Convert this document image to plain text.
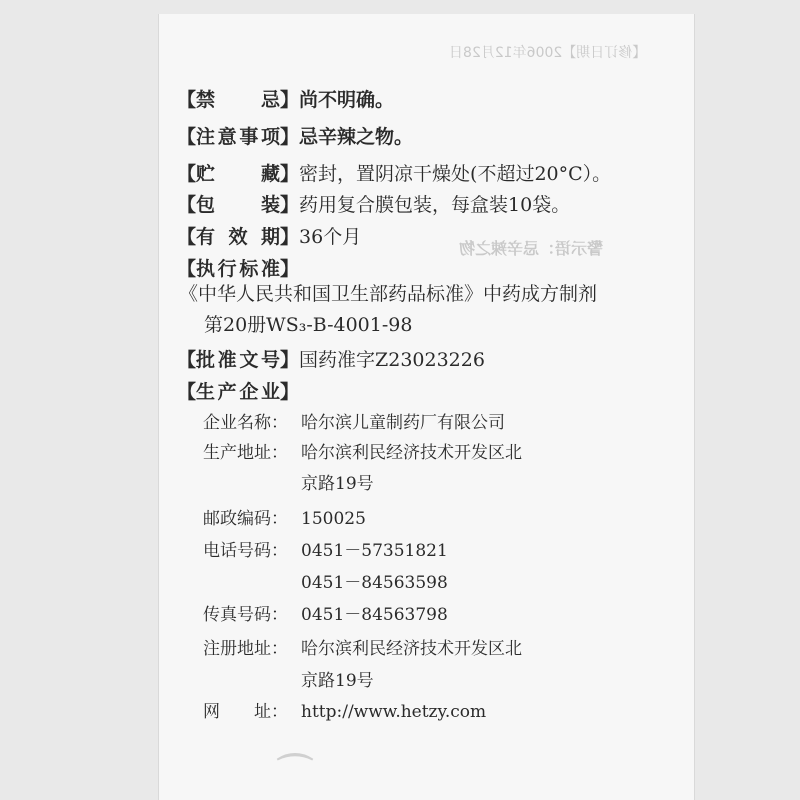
【修订日期】2006年12月28日
警示语：忌辛辣之物
⌒
【禁　　忌】尚不明确。
【注意事项】忌辛辣之物。
【贮　　藏】密封，置阴凉干燥处(不超过20°C）。
【包　　装】药用复合膜包装，每盒装10袋。
【有 效 期】36个月
【执行标准】
《中华人民共和国卫生部药品标准》中药成方制剂
第20册WS₃-B-4001-98
【批准文号】国药准字Z23023226
【生产企业】
企业名称： 哈尔滨儿童制药厂有限公司
生产地址： 哈尔滨利民经济技术开发区北
京路19号
邮政编码： 150025
电话号码： 0451－57351821
0451－84563598
传真号码： 0451－84563798
注册地址： 哈尔滨利民经济技术开发区北
京路19号
网　　址： http://www.hetzy.com
